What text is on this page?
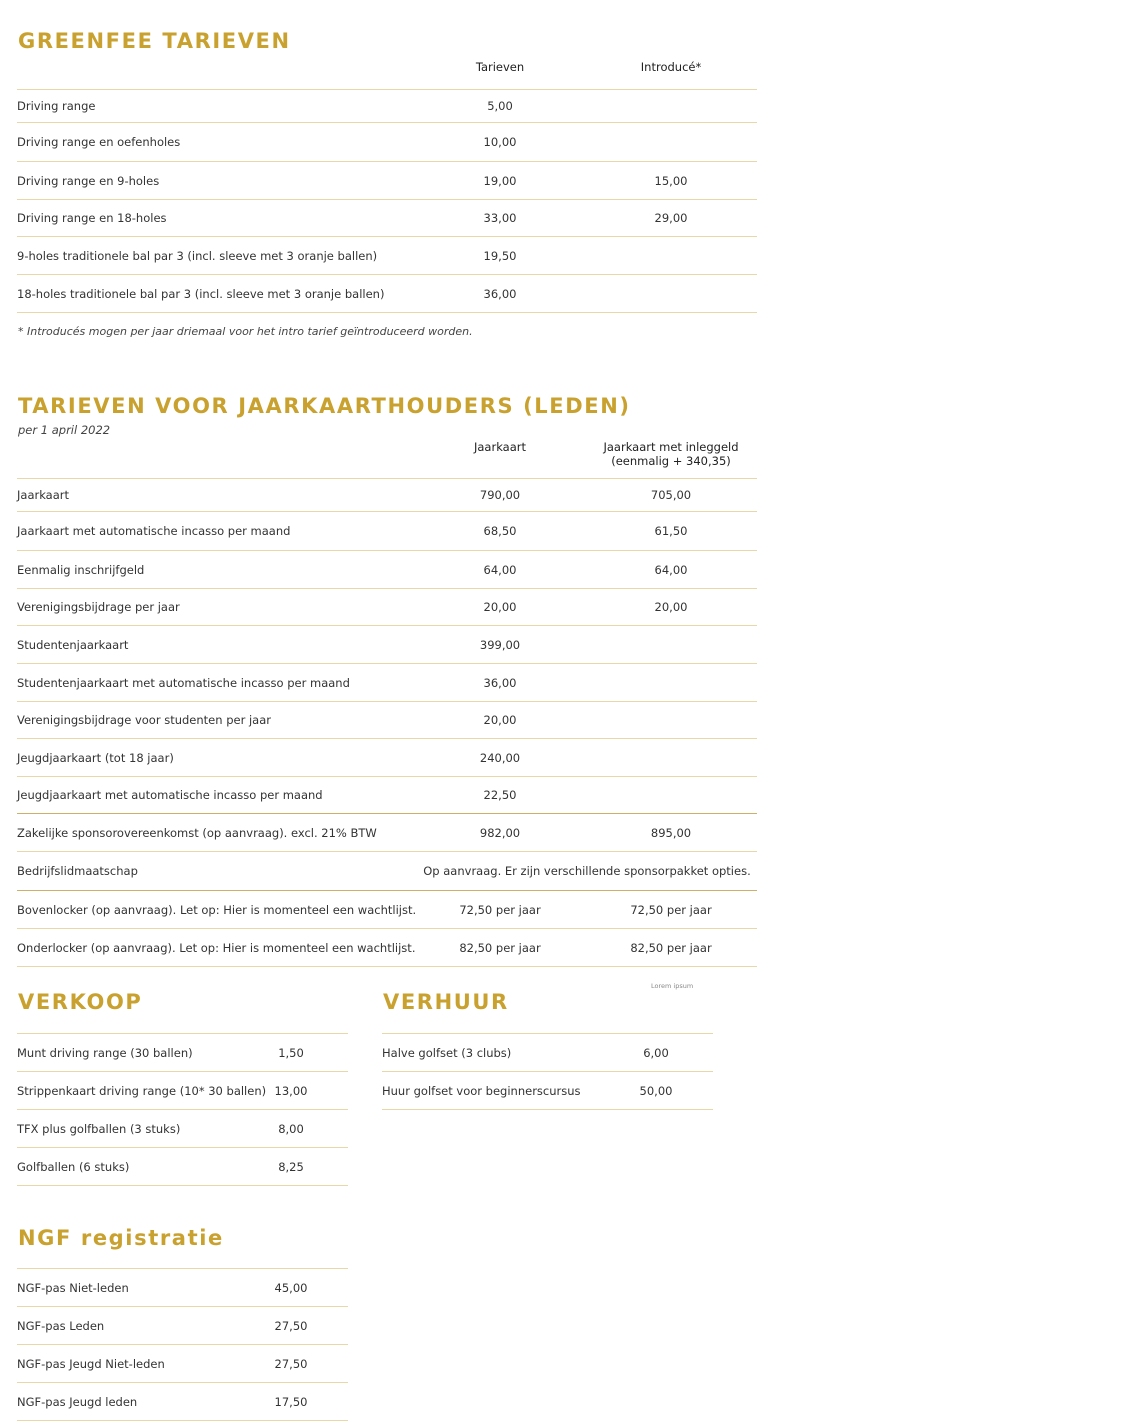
GREENFEE TARIEVEN
Tarieven	Introducé*
Driving range	5,00
Driving range en oefenholes	10,00
Driving range en 9-holes	19,00	15,00
Driving range en 18-holes	33,00	29,00
9-holes traditionele bal par 3 (incl. sleeve met 3 oranje ballen)	19,50
18-holes traditionele bal par 3 (incl. sleeve met 3 oranje ballen)	36,00
* Introducés mogen per jaar driemaal voor het intro tarief geïntroduceerd worden.
TARIEVEN VOOR JAARKAARTHOUDERS (LEDEN)
per 1 april 2022
Jaarkaart	Jaarkaart met inleggeld
(eenmalig + 340,35)
Jaarkaart	790,00	705,00
Jaarkaart met automatische incasso per maand	68,50	61,50
Eenmalig inschrijfgeld	64,00	64,00
Verenigingsbijdrage per jaar	20,00	20,00
Studentenjaarkaart	399,00
Studentenjaarkaart met automatische incasso per maand	36,00
Verenigingsbijdrage voor studenten per jaar	20,00
Jeugdjaarkaart (tot 18 jaar)	240,00
Jeugdjaarkaart met automatische incasso per maand	22,50
Zakelijke sponsorovereenkomst (op aanvraag). excl. 21% BTW	982,00	895,00
Bedrijfslidmaatschap	Op aanvraag. Er zijn verschillende sponsorpakket opties.
Bovenlocker (op aanvraag). Let op: Hier is momenteel een wachtlijst.	72,50 per jaar	72,50 per jaar
Onderlocker (op aanvraag). Let op: Hier is momenteel een wachtlijst.	82,50 per jaar	82,50 per jaar
Lorem ipsum
VERKOOP
Munt driving range (30 ballen)	1,50
Strippenkaart driving range (10* 30 ballen) 13,00
TFX plus golfballen (3 stuks)	8,00
Golfballen (6 stuks)	8,25
VERHUUR
Halve golfset (3 clubs)	6,00
Huur golfset voor beginnerscursus	50,00
NGF registratie
NGF-pas Niet-leden	45,00
NGF-pas Leden	27,50
NGF-pas Jeugd Niet-leden	27,50
NGF-pas Jeugd leden	17,50
